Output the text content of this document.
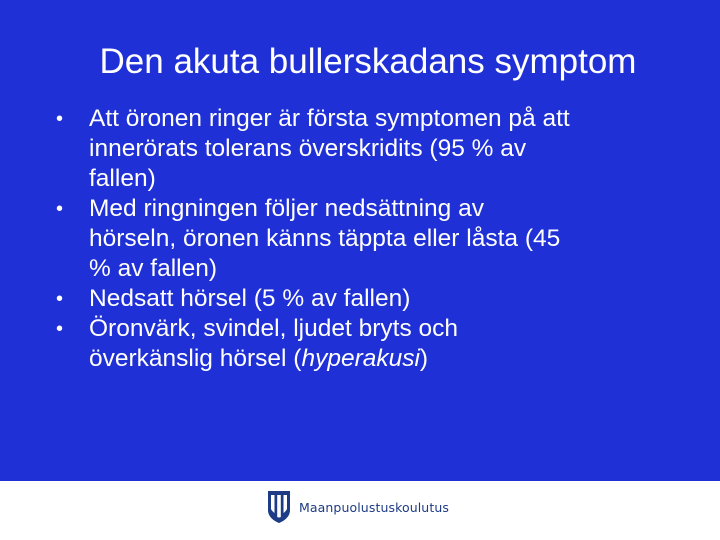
Den akuta bullerskadans symptom
•	Att öronen ringer är första symptomen på att
innerörats tolerans överskridits (95 % av
fallen)
•	Med ringningen följer nedsättning av
hörseln, öronen känns täppta eller låsta (45
% av fallen)
•	Nedsatt hörsel (5 % av fallen)
•	Öronvärk, svindel, ljudet bryts och
överkänslig hörsel (hyperakusi)
Maanpuolustuskoulutus
